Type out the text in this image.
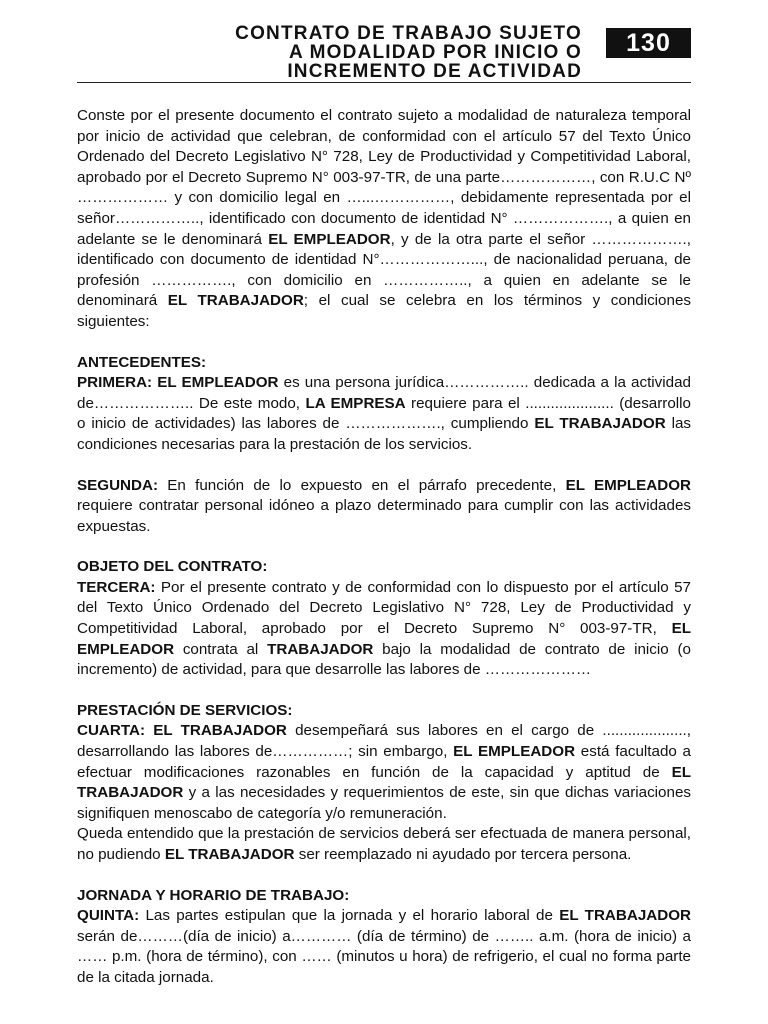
CONTRATO DE TRABAJO SUJETO
A MODALIDAD POR INICIO O
INCREMENTO DE ACTIVIDAD
130

Conste por el presente documento el contrato sujeto a modalidad de naturaleza temporal por inicio de actividad que celebran, de conformidad con el artículo 57 del Texto Único Ordenado del Decreto Legislativo N° 728, Ley de Productividad y Competitividad Laboral, aprobado por el Decreto Supremo N° 003-97-TR, de una parte………………, con R.U.C Nº ……………… y con domicilio legal en …...……………, debidamente representada por el señor…………….., identificado con documento de identidad N° ………………., a quien en adelante se le denominará EL EMPLEADOR, y de la otra parte el señor ………………., identificado con documento de identidad N°………………..., de nacionalidad peruana, de profesión ……………., con domicilio en …………….., a quien en adelante se le denominará EL TRABAJADOR; el cual se celebra en los términos y condiciones siguientes:

ANTECEDENTES:

PRIMERA: EL EMPLEADOR es una persona jurídica…………….. dedicada a la actividad de……………….. De este modo, LA EMPRESA requiere para el ..................... (desarrollo o inicio de actividades) las labores de ………………., cumpliendo EL TRABAJADOR las condiciones necesarias para la prestación de los servicios.

SEGUNDA: En función de lo expuesto en el párrafo precedente, EL EMPLEADOR requiere contratar personal idóneo a plazo determinado para cumplir con las actividades expuestas.

OBJETO DEL CONTRATO:

TERCERA: Por el presente contrato y de conformidad con lo dispuesto por el artículo 57 del Texto Único Ordenado del Decreto Legislativo N° 728, Ley de Productividad y Competitividad Laboral, aprobado por el Decreto Supremo N° 003-97-TR, EL EMPLEADOR contrata al TRABAJADOR bajo la modalidad de contrato de inicio (o incremento) de actividad, para que desarrolle las labores de …………………

PRESTACIÓN DE SERVICIOS:

CUARTA: EL TRABAJADOR desempeñará sus labores en el cargo de ...................., desarrollando las labores de……………; sin embargo, EL EMPLEADOR está facultado a efectuar modificaciones razonables en función de la capacidad y aptitud de EL TRABAJADOR y a las necesidades y requerimientos de este, sin que dichas variaciones signifiquen menoscabo de categoría y/o remuneración.

Queda entendido que la prestación de servicios deberá ser efectuada de manera personal, no pudiendo EL TRABAJADOR ser reemplazado ni ayudado por tercera persona.

JORNADA Y HORARIO DE TRABAJO:

QUINTA: Las partes estipulan que la jornada y el horario laboral de EL TRABAJADOR serán de………(día de inicio) a………… (día de término) de …….. a.m. (hora de inicio) a …… p.m. (hora de término), con …… (minutos u hora) de refrigerio, el cual no forma parte de la citada jornada.
